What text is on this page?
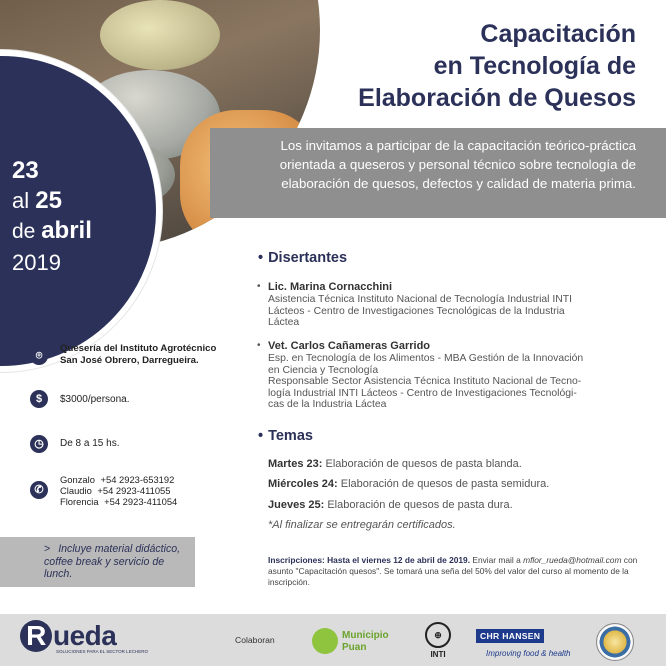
Capacitación
en Tecnología de
Elaboración de Quesos
Los invitamos a participar de la capacitación teórico-práctica orientada a queseros y personal técnico sobre tecnología de elaboración de quesos, defectos y calidad de materia prima.
23
al 25
de abril
2019	• Disertantes
• Lic. Marina Cornacchini
Asistencia Técnica Instituto Nacional de Tecnología Industrial INTI
Lácteos - Centro de Investigaciones Tecnológicas de la Industria
Láctea
• Vet. Carlos Cañameras Garrido
Esp. en Tecnología de los Alimentos - MBA Gestión de la Innovación
en Ciencia y Tecnología
Responsable Sector Asistencia Técnica Instituto Nacional de Tecno-
logía Industrial INTI Lácteos - Centro de Investigaciones Tecnológi-
cas de la Industria Láctea
• Temas
Martes 23: Elaboración de quesos de pasta blanda.
Miércoles 24: Elaboración de quesos de pasta semidura.
Jueves 25: Elaboración de quesos de pasta dura.
*Al finalizar se entregarán certificados.
Inscripciones: Hasta el viernes 12 de abril de 2019. Enviar mail a mflor_rueda@hotmail.com con asunto "Capacitación quesos". Se tomará una seña del 50% del valor del curso al momento de la inscripción.
⌾
Quesería del Instituto Agrotécnico
San José Obrero, Darregueira.
$	$3000/persona.
◷	De 8 a 15 hs.
✆
Gonzalo +54 2923-653192
Claudio +54 2923-411055
Florencia +54 2923-411054
> Incluye material didáctico, coffee break y servicio de lunch.
R ueda
SOLUCIONES PARA EL SECTOR LECHERO
Colaboran	Municipio
Puan
⊕
INTI
CHR HANSEN
Improving food & health
